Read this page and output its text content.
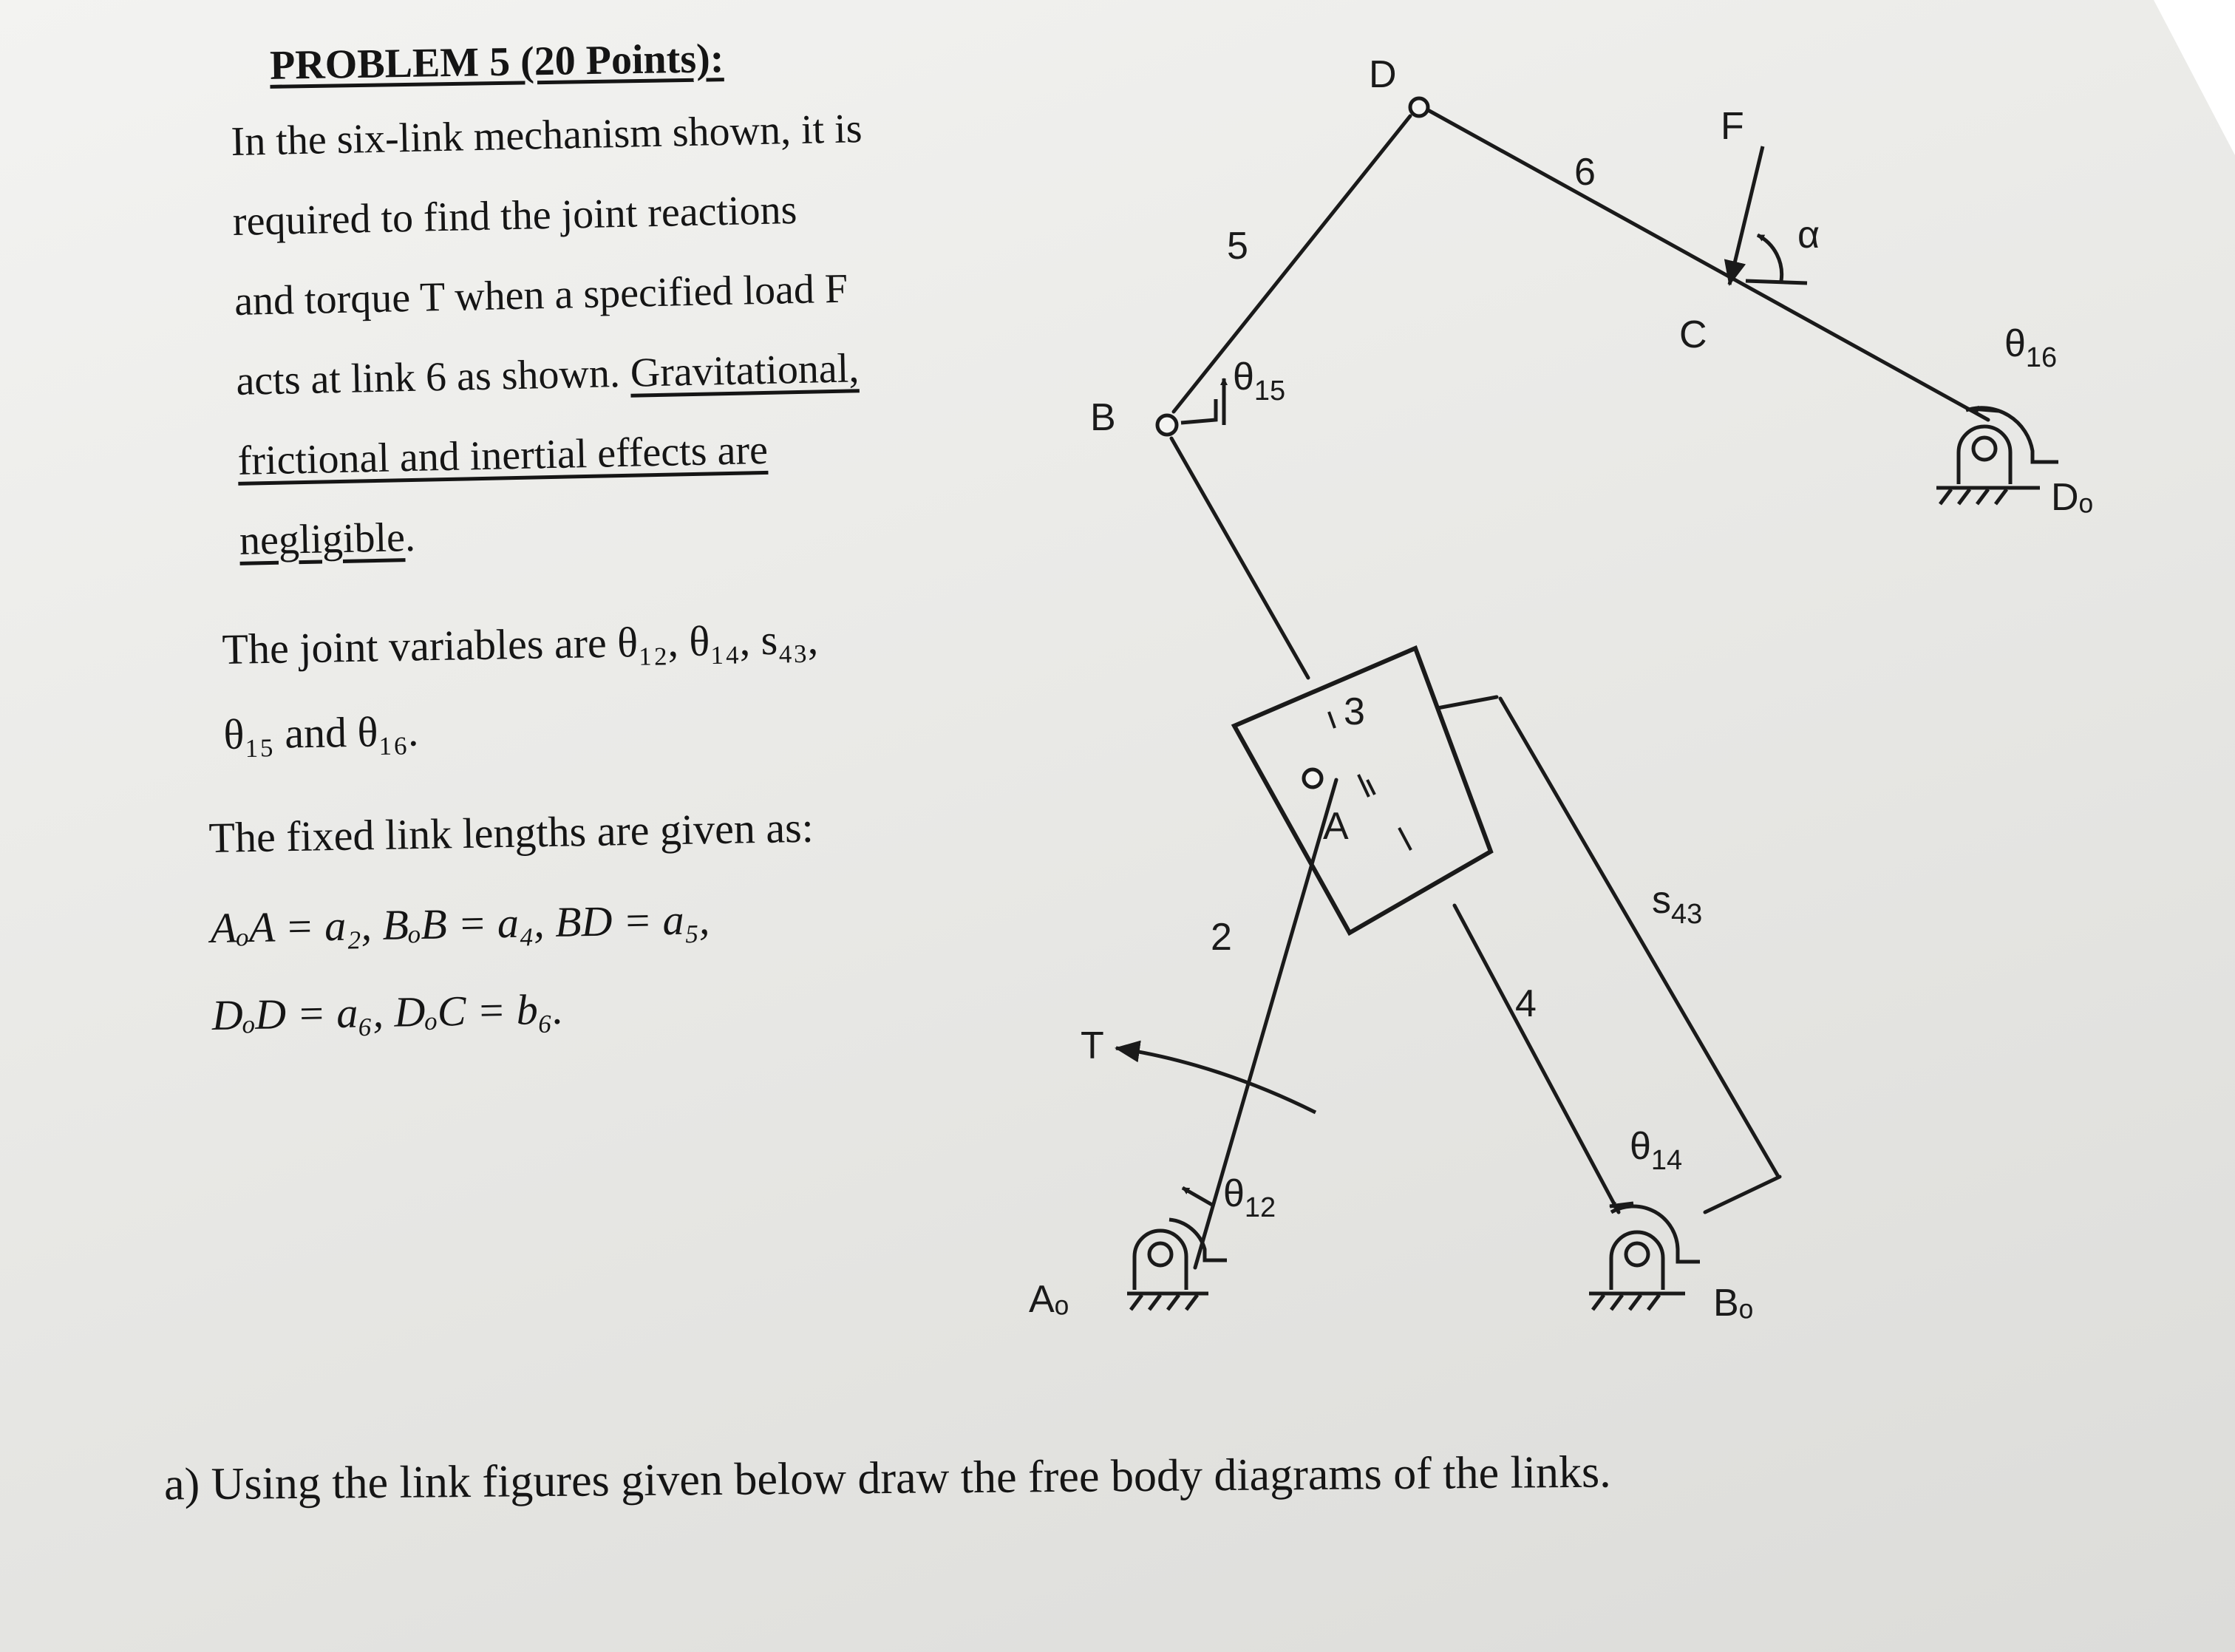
PROBLEM 5 (20 Points):
In the six-link mechanism shown, it is
required to find the joint reactions
and torque T when a specified load F
acts at link 6 as shown. Gravitational,
frictional and inertial effects are
negligible.
The joint variables are θ₁₂, θ₁₄, s₄₃,
θ₁₅ and θ₁₆.
The fixed link lengths are given as:
AₒA = a₂, BₒB = a₄, BD = a₅,
DₒD = a₆, DₒC = b₆.
D
F
α
6
5
C	$\theta_{16}$
Dₒ
B
$\theta_{15}$
3
A
$s_{43}$
2
4
T
$\theta_{14}$
$\theta_{12}$
Aₒ	Bₒ
a) Using the link figures given below draw the free body diagrams of the links.
